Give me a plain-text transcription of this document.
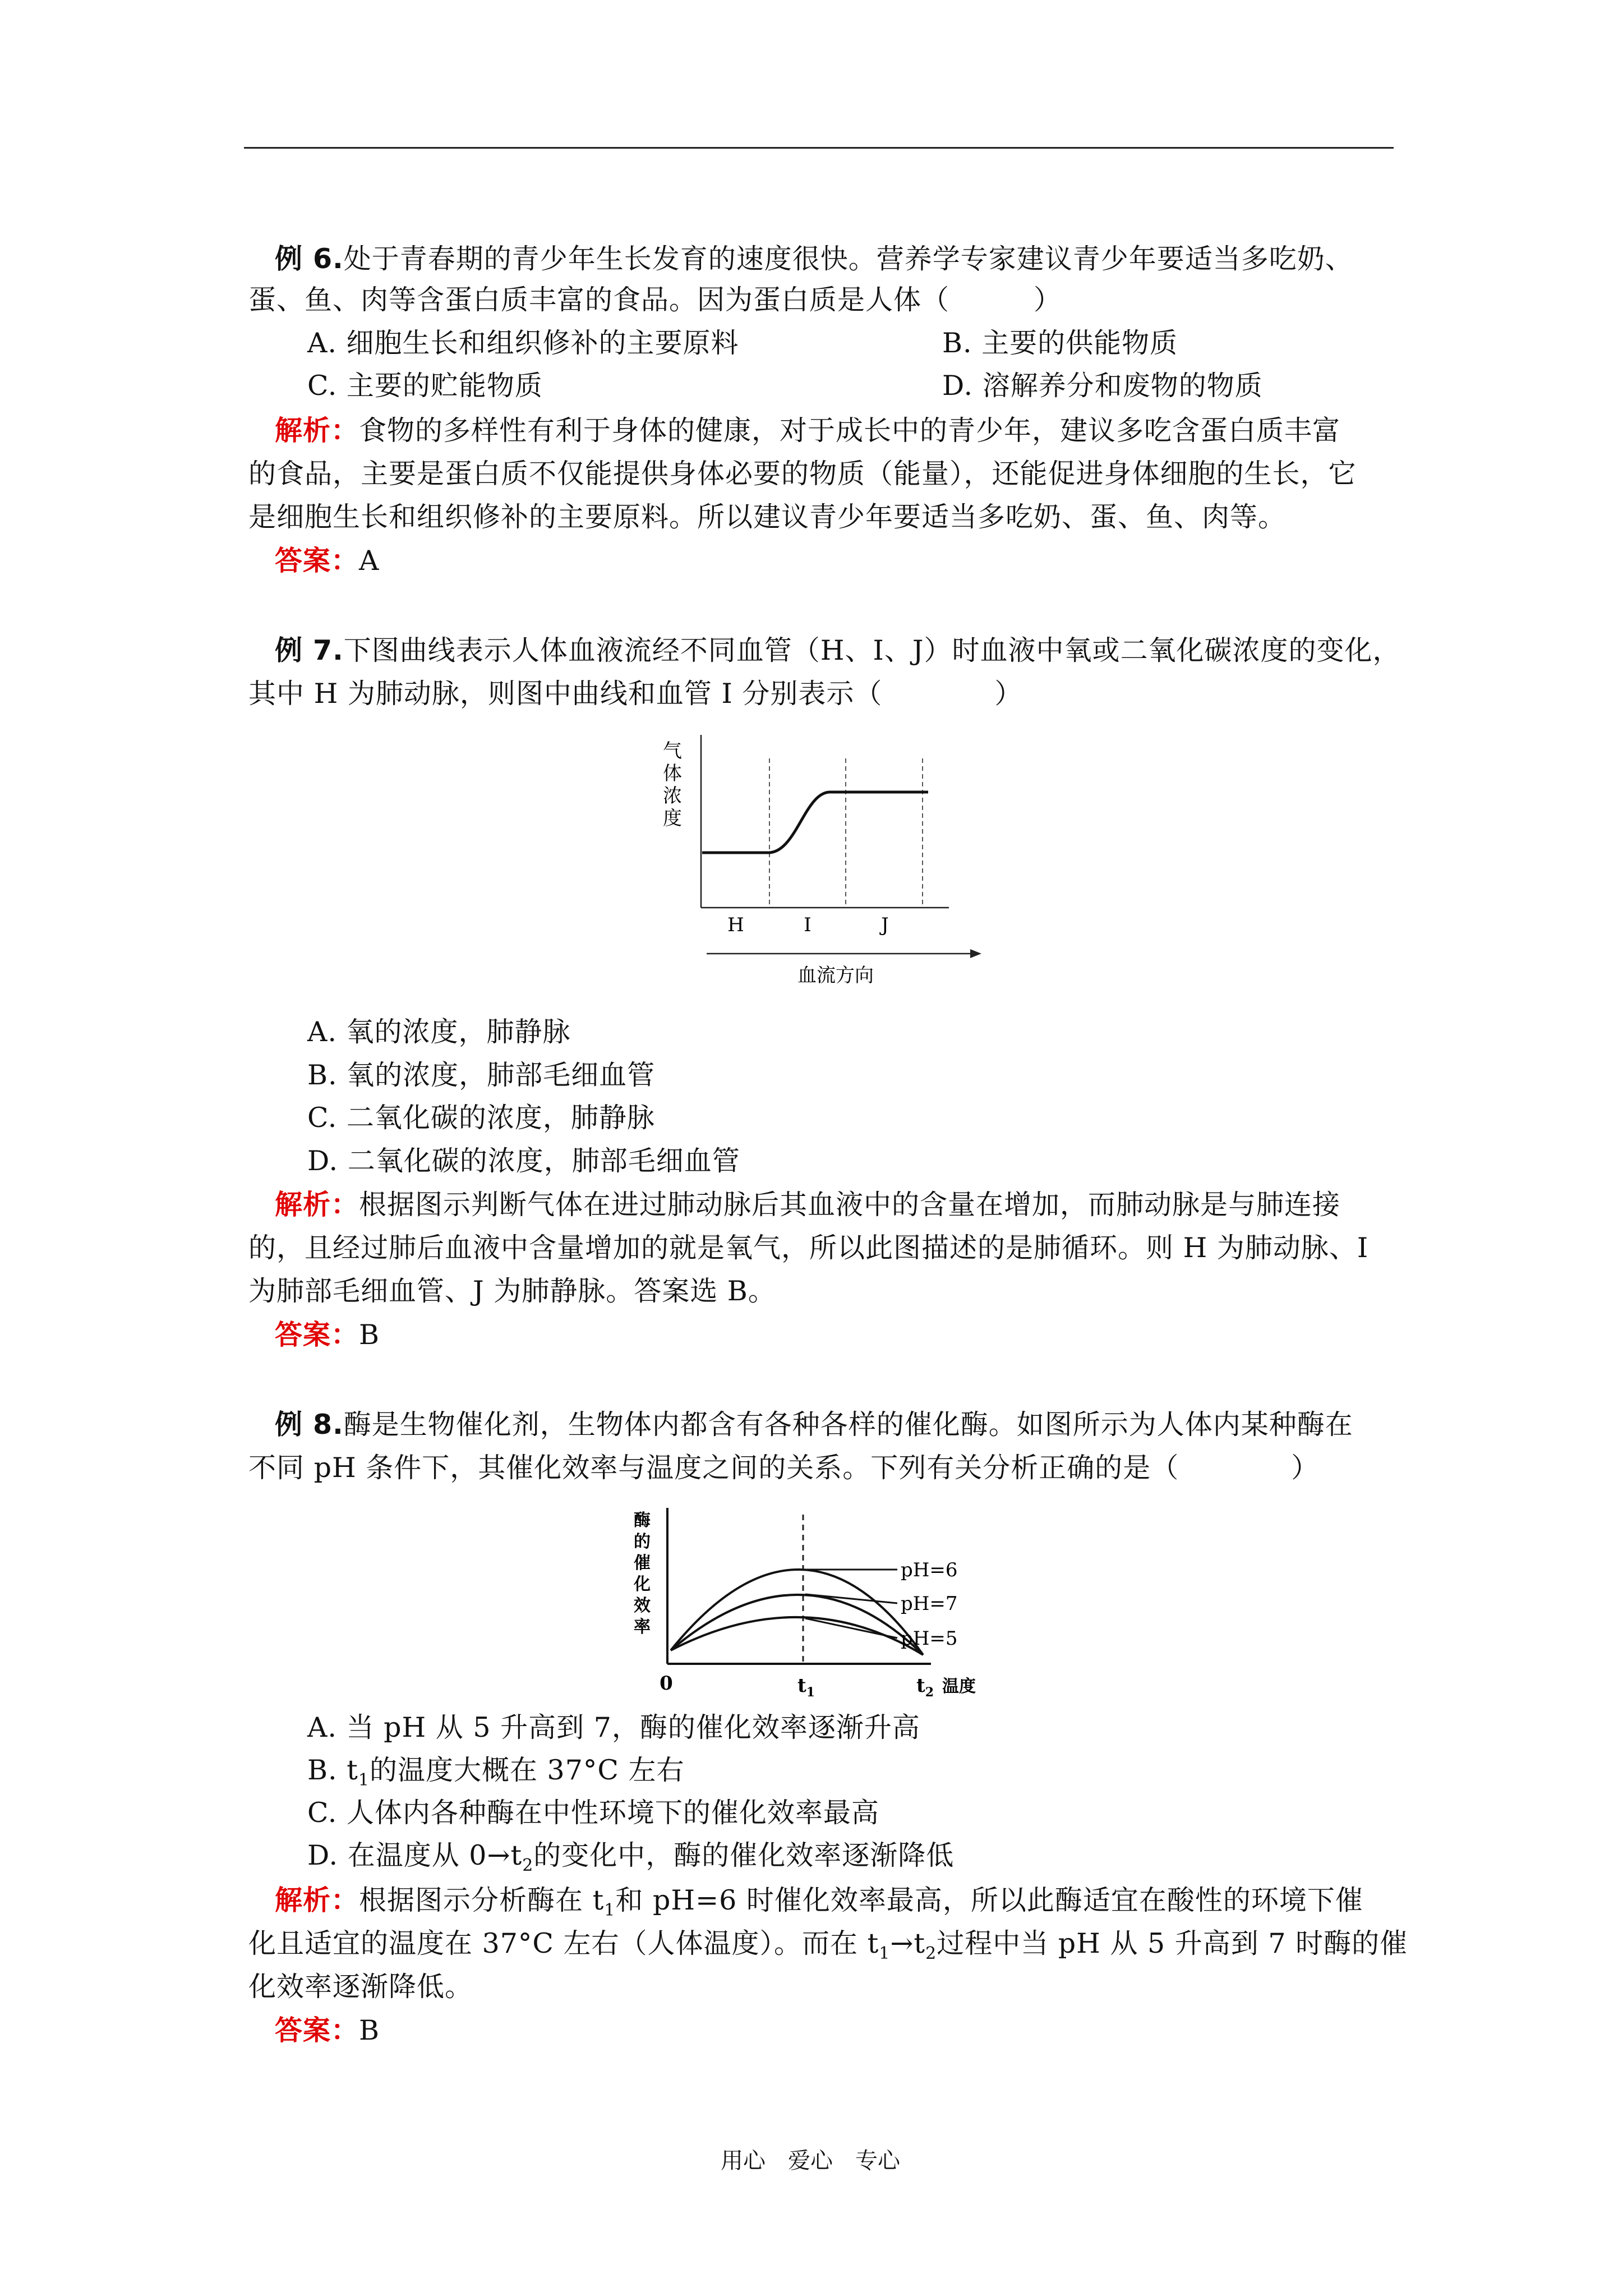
例 6.处于青春期的青少年生长发育的速度很快。营养学专家建议青少年要适当多吃奶、
蛋、鱼、肉等含蛋白质丰富的食品。因为蛋白质是人体（　　　）
A. 细胞生长和组织修补的主要原料	B. 主要的供能物质
C. 主要的贮能物质	D. 溶解养分和废物的物质
解析：食物的多样性有利于身体的健康，对于成长中的青少年，建议多吃含蛋白质丰富
的食品，主要是蛋白质不仅能提供身体必要的物质（能量），还能促进身体细胞的生长，它
是细胞生长和组织修补的主要原料。所以建议青少年要适当多吃奶、蛋、鱼、肉等。
答案：A
例 7.下图曲线表示人体血液流经不同血管（H、I、J）时血液中氧或二氧化碳浓度的变化，
其中 H 为肺动脉，则图中曲线和血管 I 分别表示（　　　　）
气
体
浓
度
H	I	J
血流方向
A. 氧的浓度，肺静脉
B. 氧的浓度，肺部毛细血管
C. 二氧化碳的浓度，肺静脉
D. 二氧化碳的浓度，肺部毛细血管
解析：根据图示判断气体在进过肺动脉后其血液中的含量在增加，而肺动脉是与肺连接
的，且经过肺后血液中含量增加的就是氧气，所以此图描述的是肺循环。则 H 为肺动脉、I
为肺部毛细血管、J 为肺静脉。答案选 B。
答案：B
例 8.酶是生物催化剂，生物体内都含有各种各样的催化酶。如图所示为人体内某种酶在
不同 pH 条件下，其催化效率与温度之间的关系。下列有关分析正确的是（　　　　）
酶
的
催
化
效
率
pH=6
pH=7
pH=5
0	$t_1$	$t_2$ 温度
A. 当 pH 从 5 升高到 7，酶的催化效率逐渐升高
B. $t_1$的温度大概在 37°C 左右
C. 人体内各种酶在中性环境下的催化效率最高
D. 在温度从 $0\to t_2$的变化中，酶的催化效率逐渐降低
解析：根据图示分析酶在 $t_1$和 pH=6 时催化效率最高，所以此酶适宜在酸性的环境下催
化且适宜的温度在 37°C 左右（人体温度）。而在 $t_1\to t_2$过程中当 pH 从 5 升高到 7 时酶的催
化效率逐渐降低。
答案：B
用心　爱心　专心
